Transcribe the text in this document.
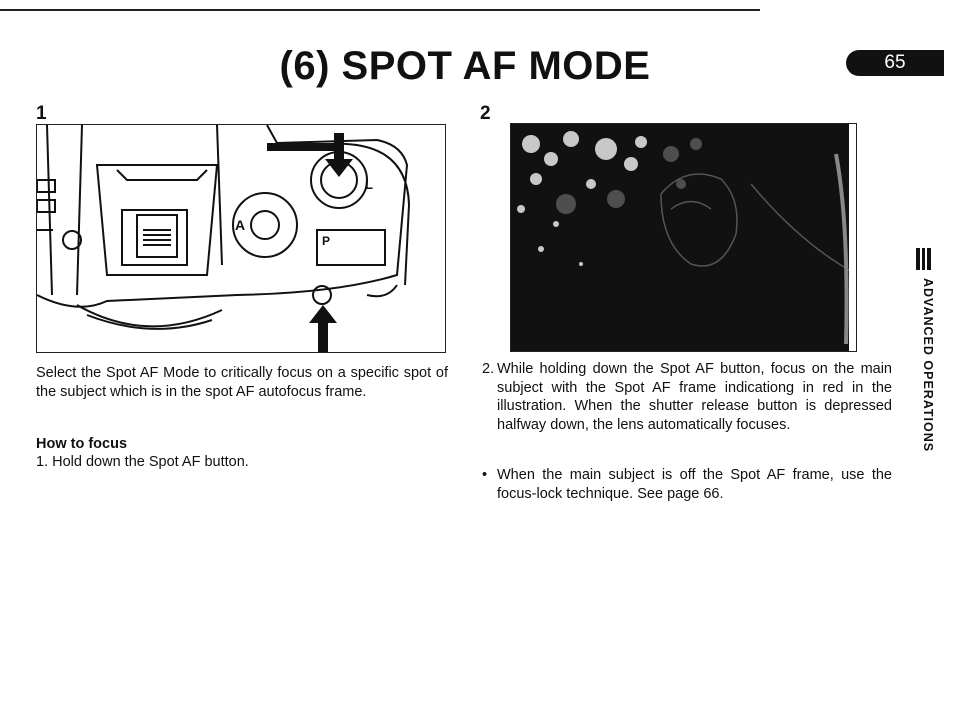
(6) SPOT AF MODE	65
1	2
A
L
P
Select the Spot AF Mode to critically focus on a specific spot of the subject which is in the spot AF autofocus frame.
How to focus
1. Hold down the Spot AF button.
2. While holding down the Spot AF button, focus on the main subject with the Spot AF frame indicationg in red in the illustration. When the shutter release button is depressed halfway down, the lens automatically focuses.
• When the main subject is off the Spot AF frame, use the focus-lock technique. See page 66.
ADVANCED OPERATIONS
